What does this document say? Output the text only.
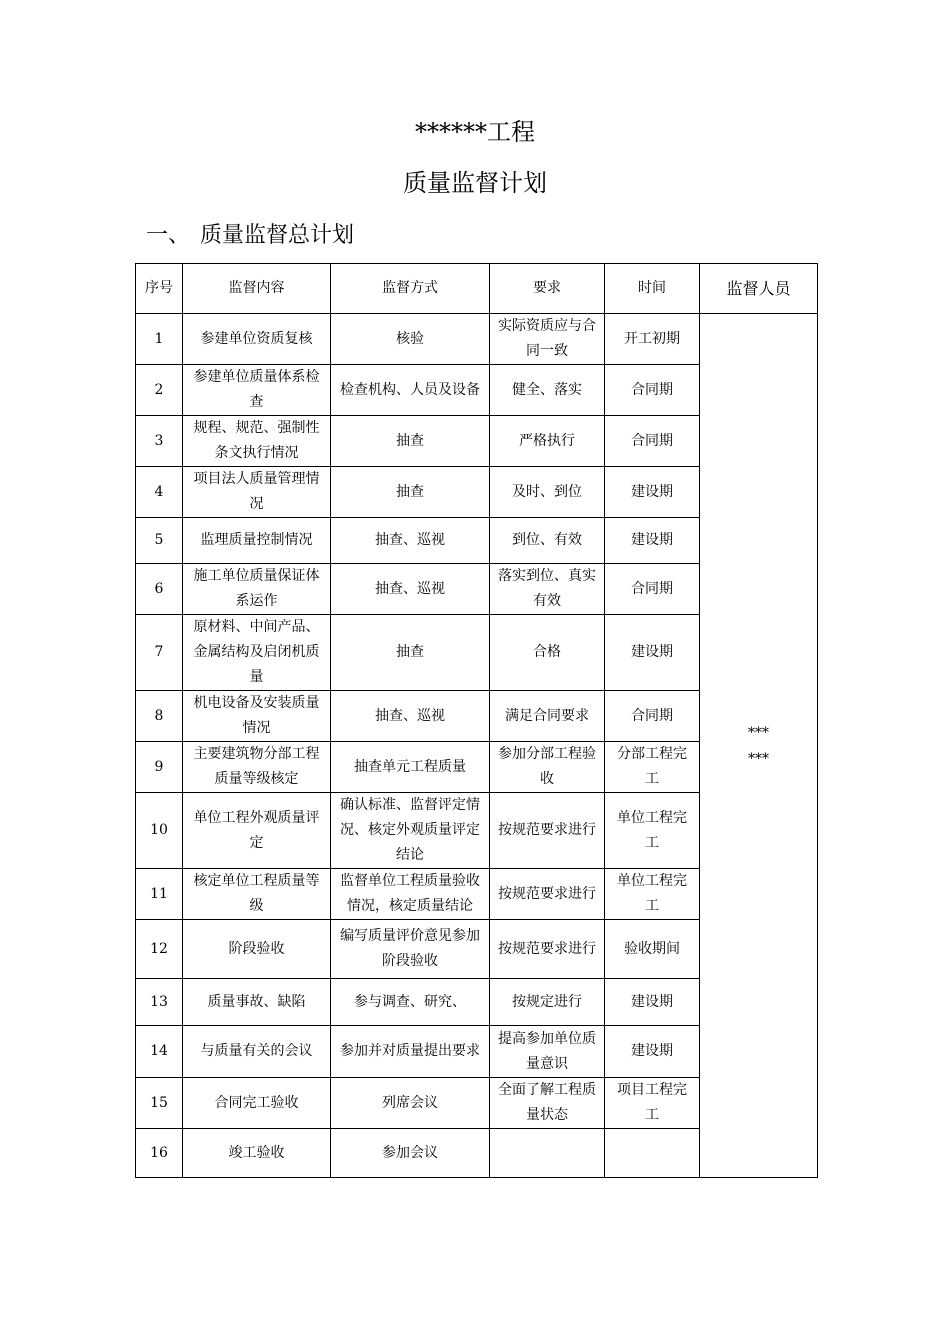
******工程
质量监督计划
一、 质量监督总计划
序号	监督内容	监督方式	要求	时间	监督人员
1	参建单位资质复核	核验	实际资质应与合同一致	开工初期	***
***

2	参建单位质量体系检查	检查机构、人员及设备	健全、落实	合同期	
3	规程、规范、强制性条文执行情况	抽查	严格执行	合同期	
4	项目法人质量管理情况	抽查	及时、到位	建设期	
5	监理质量控制情况	抽查、巡视	到位、有效	建设期	
6	施工单位质量保证体系运作	抽查、巡视	落实到位、真实有效	合同期	
7	原材料、中间产品、金属结构及启闭机质量	抽查	合格	建设期	
8	机电设备及安装质量情况	抽查、巡视	满足合同要求	合同期	
9	主要建筑物分部工程质量等级核定	抽查单元工程质量	参加分部工程验收	分部工程完工	
10	单位工程外观质量评定	确认标准、监督评定情况、核定外观质量评定结论	按规范要求进行	单位工程完工	
11	核定单位工程质量等级	监督单位工程质量验收情况，核定质量结论	按规范要求进行	单位工程完工	
12	阶段验收	编写质量评价意见参加阶段验收	按规范要求进行	验收期间	
13	质量事故、缺陷	参与调查、研究、	按规定进行	建设期	
14	与质量有关的会议	参加并对质量提出要求	提高参加单位质量意识	建设期	
15	合同完工验收	列席会议	全面了解工程质量状态	项目工程完工	
16	竣工验收	参加会议			
